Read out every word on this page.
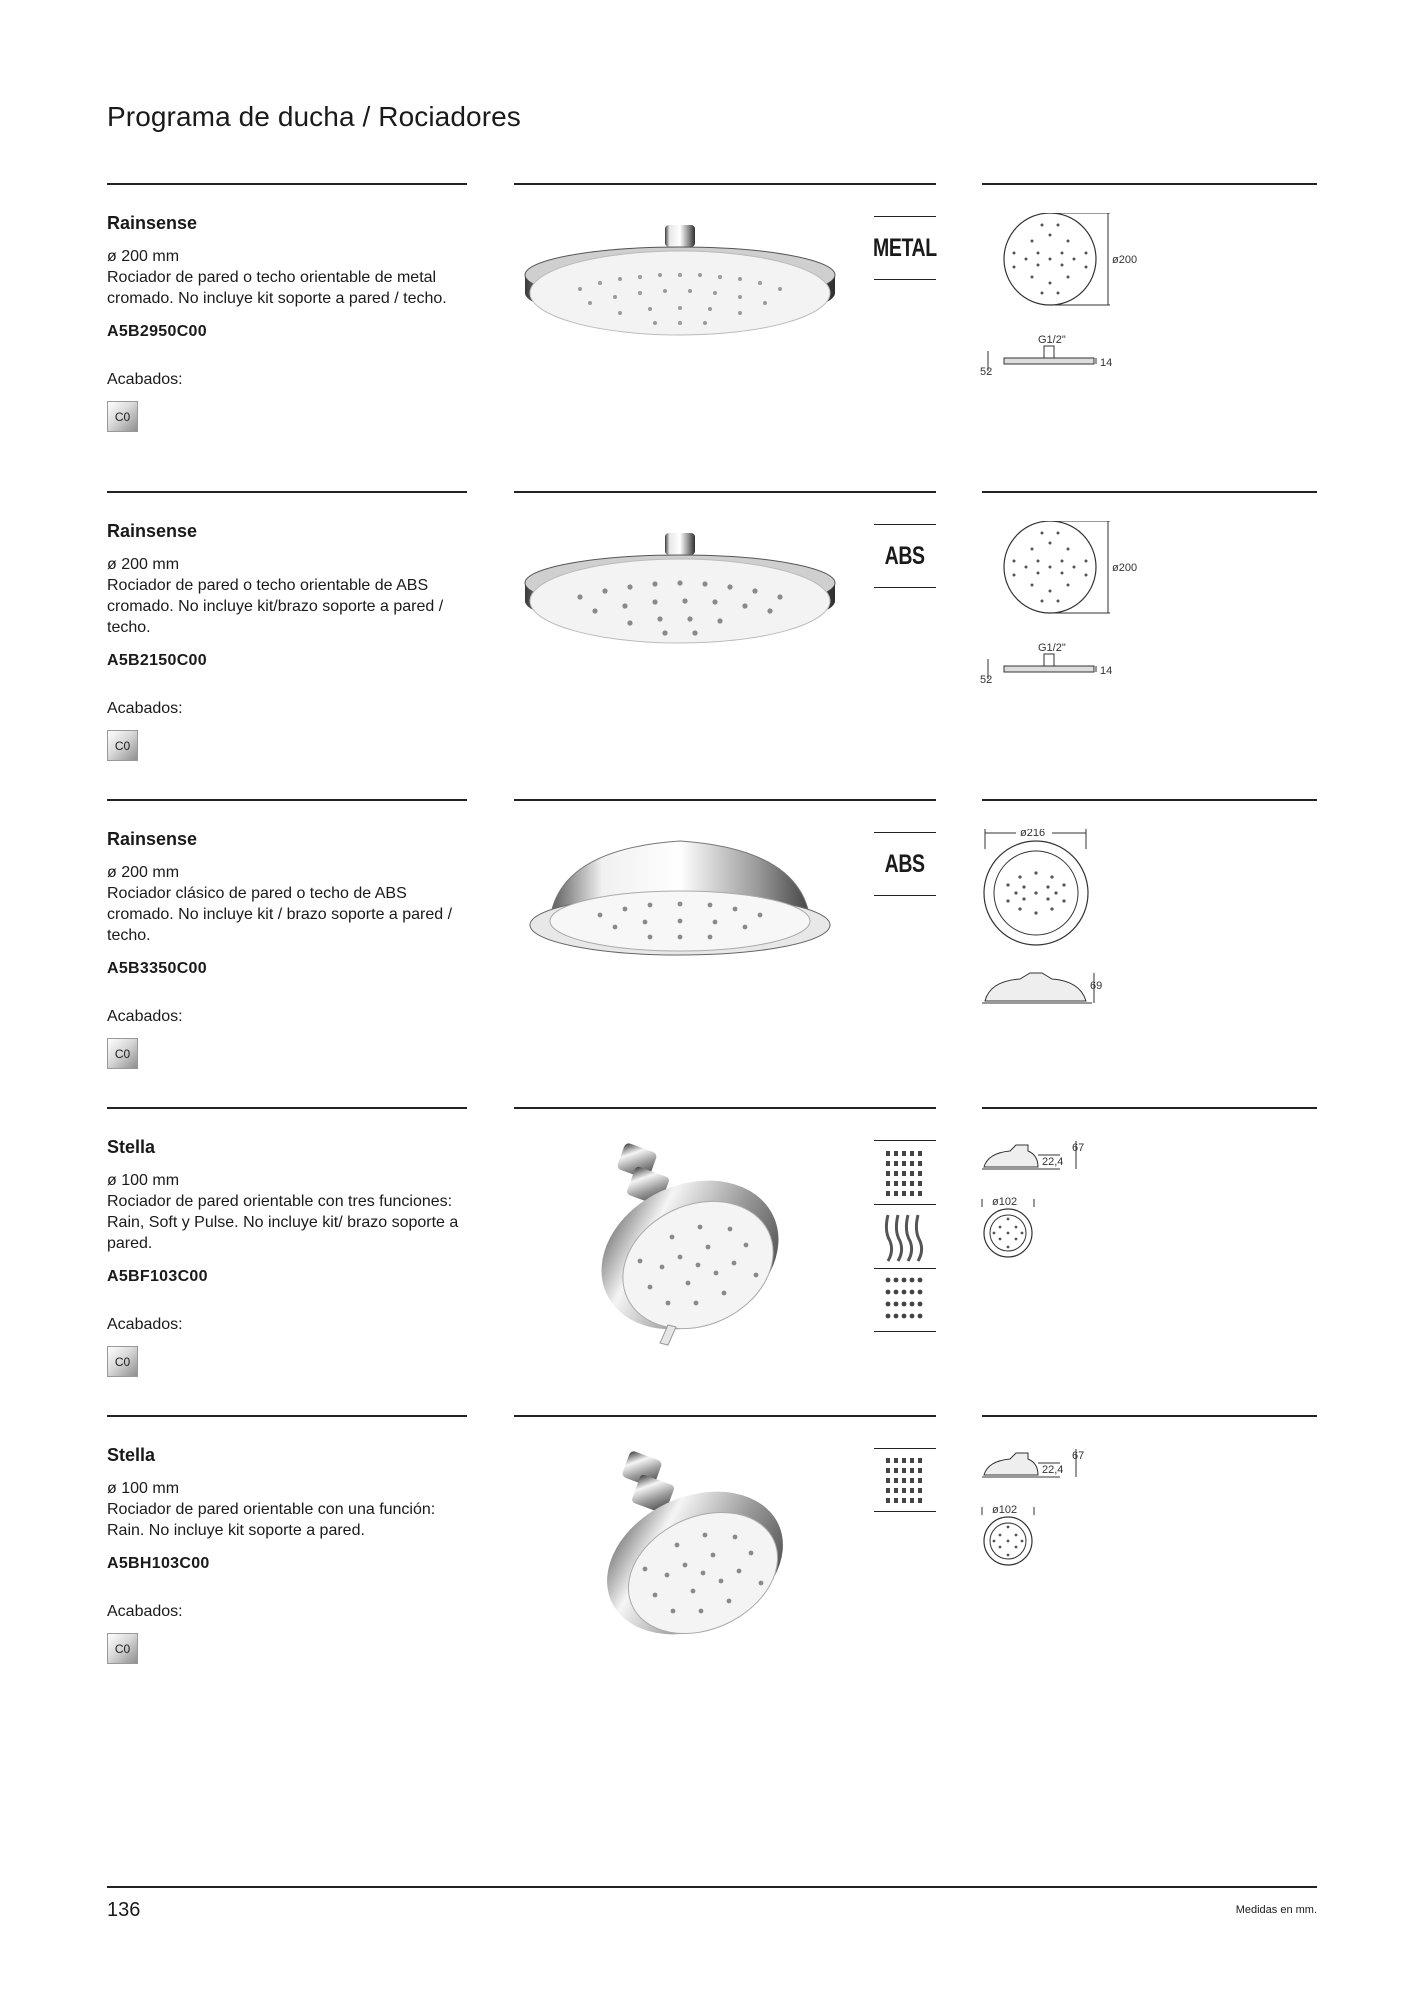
Programa de ducha / Rociadores
Rainsense
ø 200 mm
Rociador de pared o techo orientable de metal cromado. No incluye kit soporte a pared / techo.
A5B2950C00
Acabados:
C0
METAL	ø200
G1/2"
52
14
Rainsense
ø 200 mm
Rociador de pared o techo orientable de ABS cromado. No incluye kit/brazo soporte a pared / techo.
A5B2150C00
Acabados:
C0
ABS	ø200
G1/2"
52
14
Rainsense
ø 200 mm
Rociador clásico de pared o techo de ABS cromado. No incluye kit / brazo soporte a pared / techo.
A5B3350C00
Acabados:
C0
ABS
ø216
69
Stella
ø 100 mm
Rociador de pared orientable con tres funciones: Rain, Soft y Pulse. No incluye kit/ brazo soporte a pared.
A5BF103C00
Acabados:
C0
22,4
67
ø102
Stella
ø 100 mm
Rociador de pared orientable con una función: Rain. No incluye kit soporte a pared.
A5BH103C00
Acabados:
C0
22,4
67
ø102
136	Medidas en mm.
